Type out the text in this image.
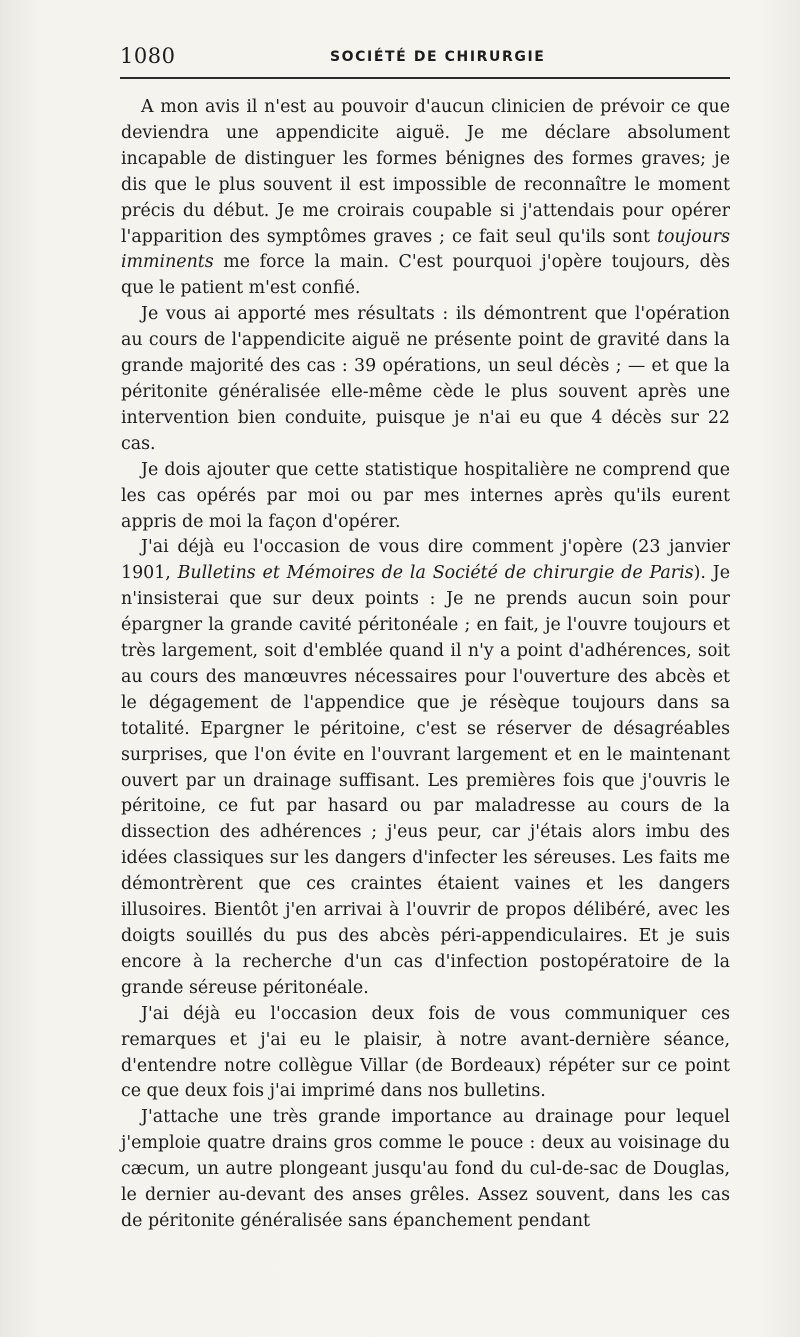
1080	SOCIÉTÉ DE CHIRURGIE

A mon avis il n'est au pouvoir d'aucun clinicien de prévoir ce que deviendra une appendicite aiguë. Je me déclare absolument incapable de distinguer les formes bénignes des formes graves; je dis que le plus souvent il est impossible de reconnaître le moment précis du début. Je me croirais coupable si j'attendais pour opérer l'apparition des symptômes graves ; ce fait seul qu'ils sont toujours imminents me force la main. C'est pourquoi j'opère toujours, dès que le patient m'est confié.

Je vous ai apporté mes résultats : ils démontrent que l'opération au cours de l'appendicite aiguë ne présente point de gravité dans la grande majorité des cas : 39 opérations, un seul décès ; — et que la péritonite généralisée elle-même cède le plus souvent après une intervention bien conduite, puisque je n'ai eu que 4 décès sur 22 cas.

Je dois ajouter que cette statistique hospitalière ne comprend que les cas opérés par moi ou par mes internes après qu'ils eurent appris de moi la façon d'opérer.

J'ai déjà eu l'occasion de vous dire comment j'opère (23 janvier 1901, Bulletins et Mémoires de la Société de chirurgie de Paris). Je n'insisterai que sur deux points : Je ne prends aucun soin pour épargner la grande cavité péritonéale ; en fait, je l'ouvre toujours et très largement, soit d'emblée quand il n'y a point d'adhérences, soit au cours des manœuvres nécessaires pour l'ouverture des abcès et le dégagement de l'appendice que je résèque toujours dans sa totalité. Epargner le péritoine, c'est se réserver de désagréables surprises, que l'on évite en l'ouvrant largement et en le maintenant ouvert par un drainage suffisant. Les premières fois que j'ouvris le péritoine, ce fut par hasard ou par maladresse au cours de la dissection des adhérences ; j'eus peur, car j'étais alors imbu des idées classiques sur les dangers d'infecter les séreuses. Les faits me démontrèrent que ces craintes étaient vaines et les dangers illusoires. Bientôt j'en arrivai à l'ouvrir de propos délibéré, avec les doigts souillés du pus des abcès péri-appendiculaires. Et je suis encore à la recherche d'un cas d'infection postopératoire de la grande séreuse péritonéale.

J'ai déjà eu l'occasion deux fois de vous communiquer ces remarques et j'ai eu le plaisir, à notre avant-dernière séance, d'entendre notre collègue Villar (de Bordeaux) répéter sur ce point ce que deux fois j'ai imprimé dans nos bulletins.

J'attache une très grande importance au drainage pour lequel j'emploie quatre drains gros comme le pouce : deux au voisinage du cæcum, un autre plongeant jusqu'au fond du cul-de-sac de Douglas, le dernier au-devant des anses grêles. Assez souvent, dans les cas de péritonite généralisée sans épanchement pendant
